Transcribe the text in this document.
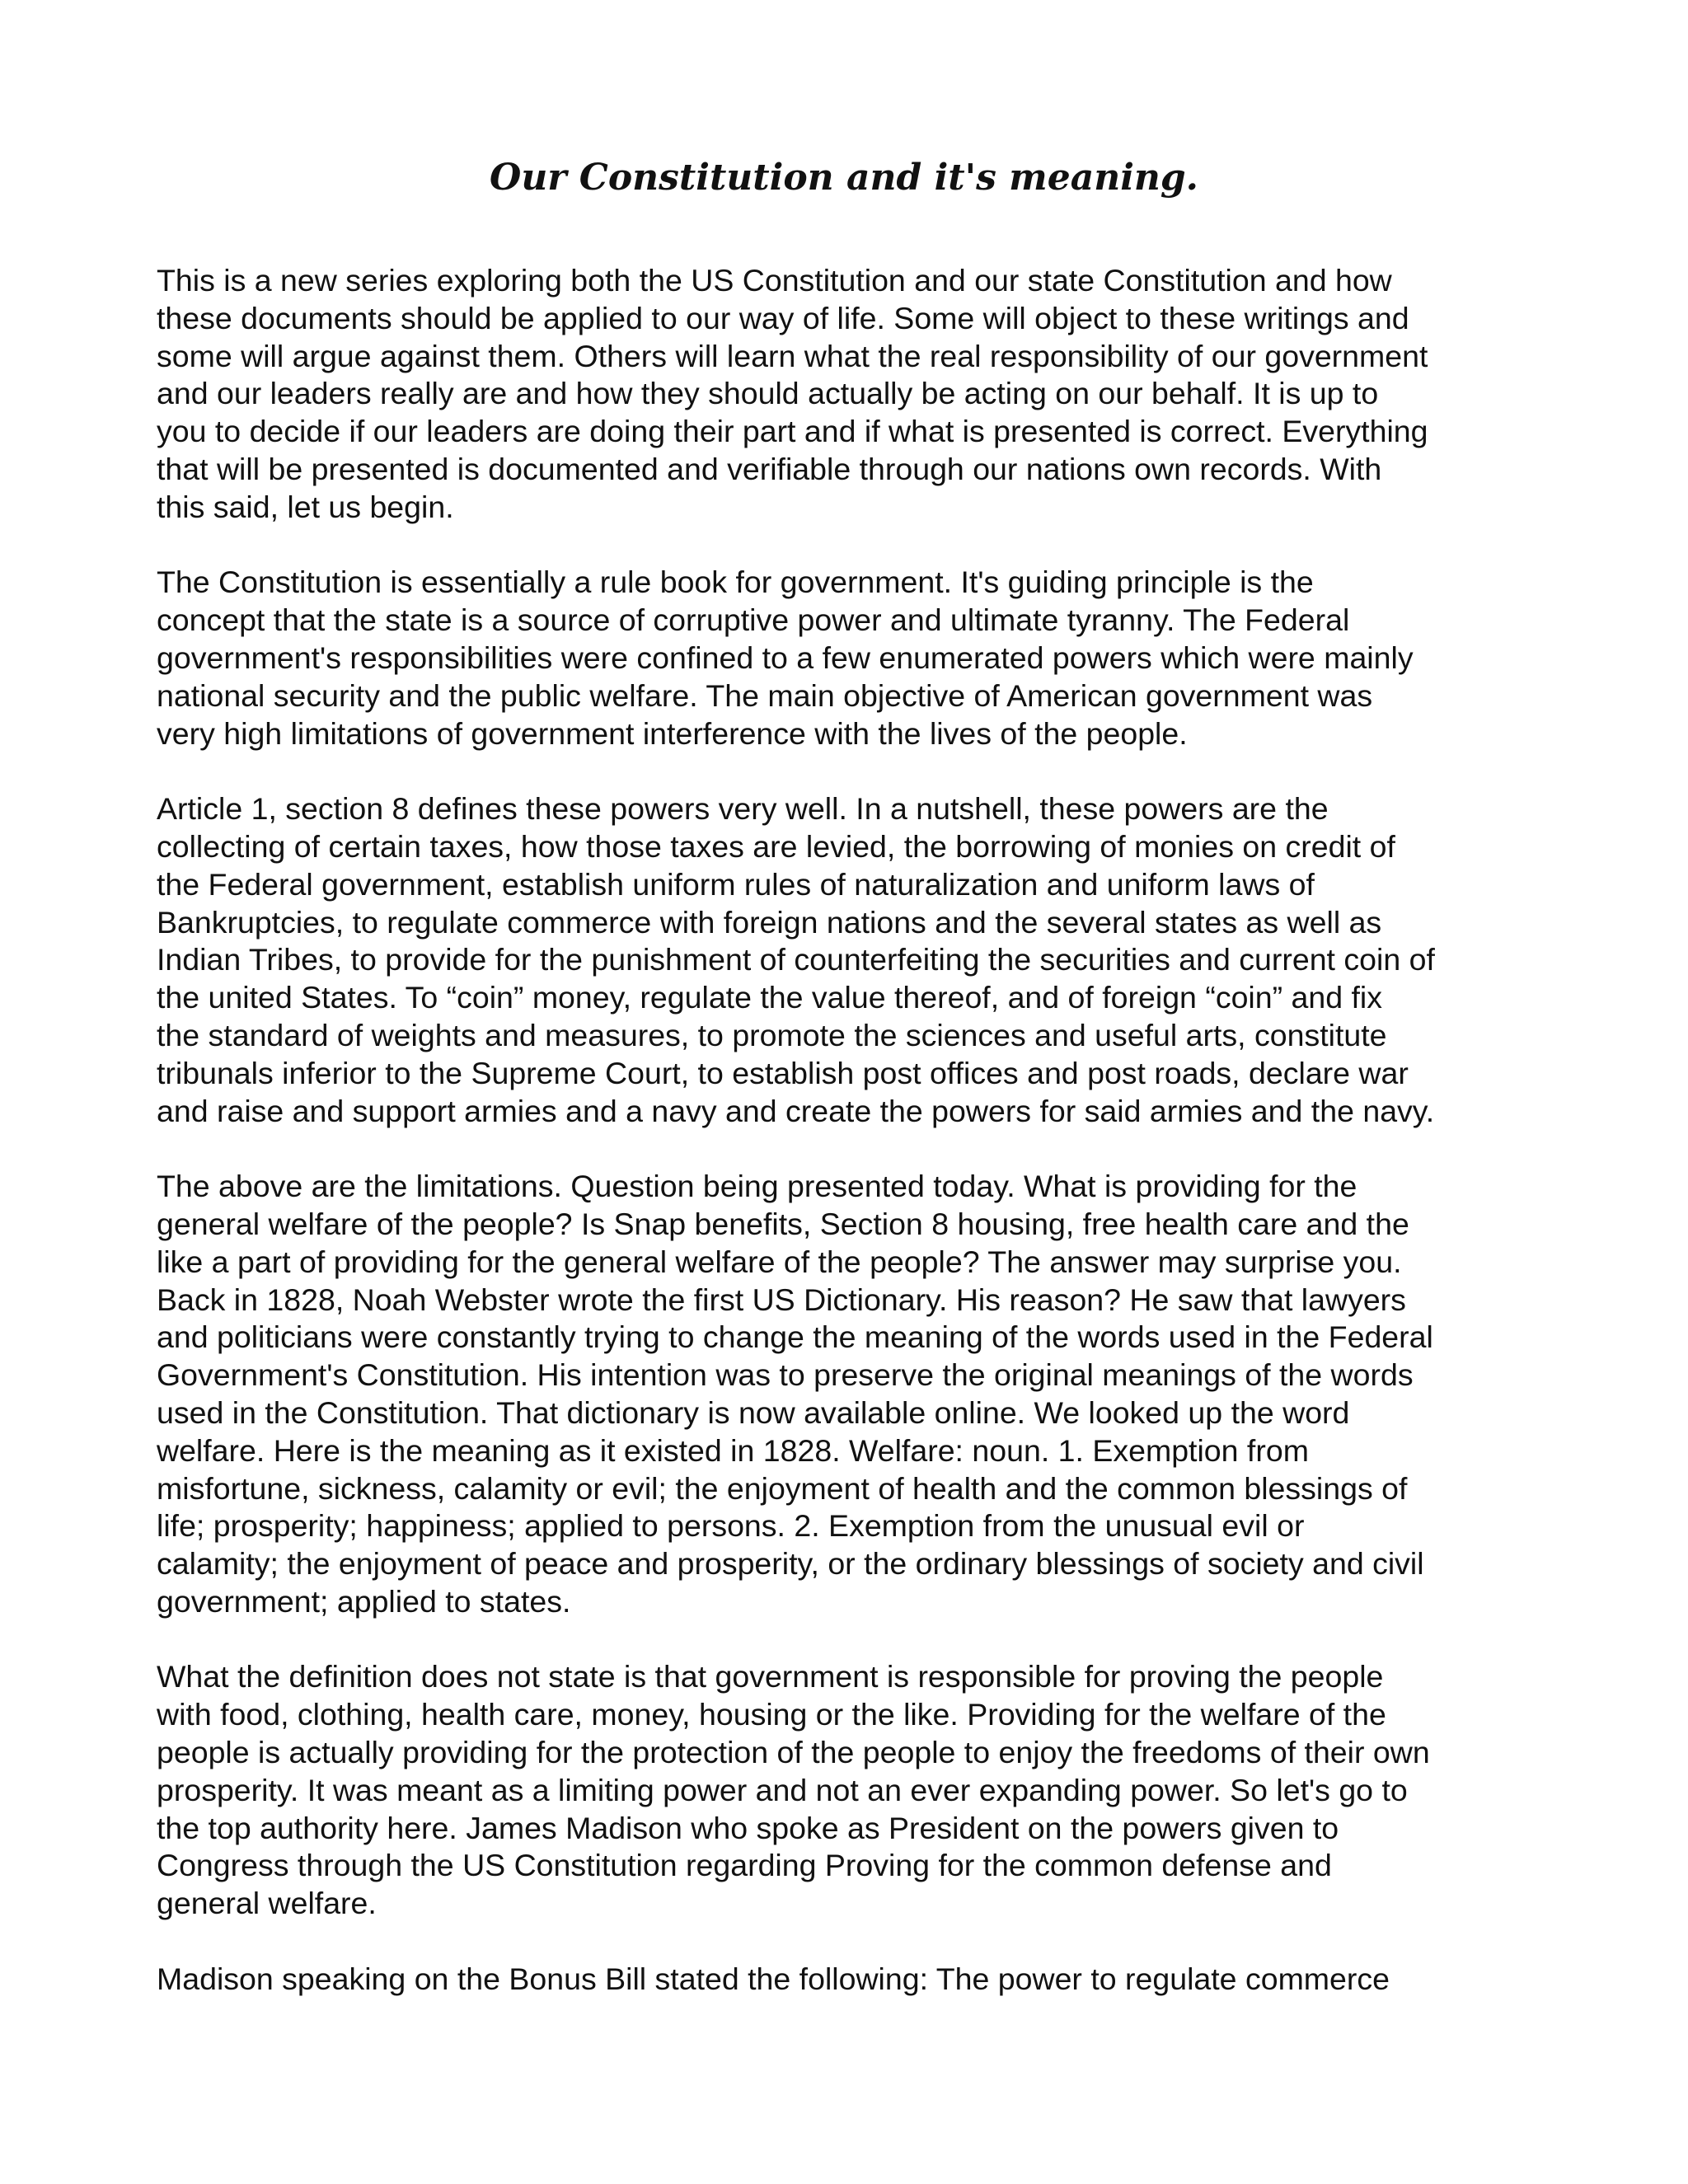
Our Constitution and it's meaning.

This is a new series exploring both the US Constitution and our state Constitution and how
these documents should be applied to our way of life. Some will object to these writings and
some will argue against them. Others will learn what the real responsibility of our government
and our leaders really are and how they should actually be acting on our behalf. It is up to
you to decide if our leaders are doing their part and if what is presented is correct. Everything
that will be presented is documented and verifiable through our nations own records. With
this said, let us begin.

The Constitution is essentially a rule book for government. It's guiding principle is the
concept that the state is a source of corruptive power and ultimate tyranny. The Federal
government's responsibilities were confined to a few enumerated powers which were mainly
national security and the public welfare. The main objective of American government was
very high limitations of government interference with the lives of the people.

Article 1, section 8 defines these powers very well. In a nutshell, these powers are the
collecting of certain taxes, how those taxes are levied, the borrowing of monies on credit of
the Federal government, establish uniform rules of naturalization and uniform laws of
Bankruptcies, to regulate commerce with foreign nations and the several states as well as
Indian Tribes, to provide for the punishment of counterfeiting the securities and current coin of
the united States. To “coin” money, regulate the value thereof, and of foreign “coin” and fix
the standard of weights and measures, to promote the sciences and useful arts, constitute
tribunals inferior to the Supreme Court, to establish post offices and post roads, declare war
and raise and support armies and a navy and create the powers for said armies and the navy.

The above are the limitations. Question being presented today. What is providing for the
general welfare of the people? Is Snap benefits, Section 8 housing, free health care and the
like a part of providing for the general welfare of the people? The answer may surprise you.
Back in 1828, Noah Webster wrote the first US Dictionary. His reason? He saw that lawyers
and politicians were constantly trying to change the meaning of the words used in the Federal
Government's Constitution. His intention was to preserve the original meanings of the words
used in the Constitution. That dictionary is now available online. We looked up the word
welfare. Here is the meaning as it existed in 1828. Welfare: noun. 1. Exemption from
misfortune, sickness, calamity or evil; the enjoyment of health and the common blessings of
life; prosperity; happiness; applied to persons. 2. Exemption from the unusual evil or
calamity; the enjoyment of peace and prosperity, or the ordinary blessings of society and civil
government; applied to states.

What the definition does not state is that government is responsible for proving the people
with food, clothing, health care, money, housing or the like. Providing for the welfare of the
people is actually providing for the protection of the people to enjoy the freedoms of their own
prosperity. It was meant as a limiting power and not an ever expanding power. So let's go to
the top authority here. James Madison who spoke as President on the powers given to
Congress through the US Constitution regarding Proving for the common defense and
general welfare.

Madison speaking on the Bonus Bill stated the following: The power to regulate commerce
